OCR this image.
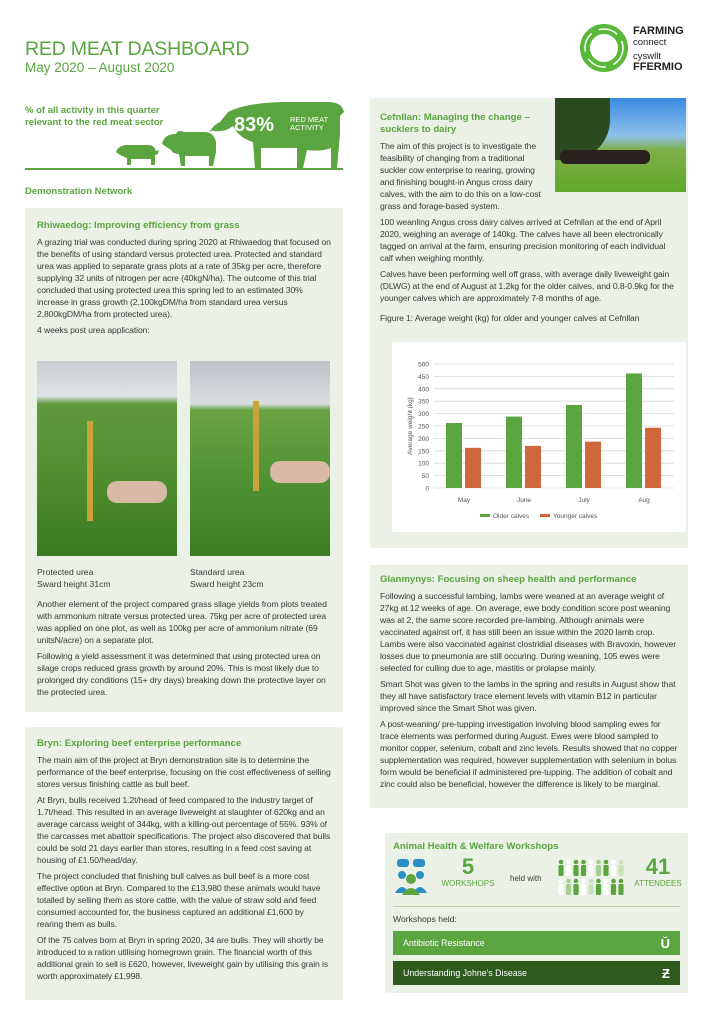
RED MEAT DASHBOARD
May 2020 – August 2020
FARMING
connect
cyswllt
FFERMIO
% of all activity in this quarter relevant to the red meat sector	83% RED MEAT
ACTIVITY
Demonstration Network
Rhiwaedog: Improving efficiency from grass

A grazing trial was conducted during spring 2020 at Rhiwaedog that focused on the benefits of using standard versus protected urea. Protected and standard urea was applied to separate grass plots at a rate of 35kg per acre, therefore supplying 32 units of nitrogen per acre (40kgN/ha). The outcome of this trial concluded that using protected urea this spring led to an estimated 30% increase in grass growth (2,100kgDM/ha from standard urea versus 2,800kgDM/ha from protected urea).

4 weeks post urea application:

Protected urea
Sward height 31cm
Standard urea
Sward height 23cm

Another element of the project compared grass silage yields from plots treated with ammonium nitrate versus protected urea. 75kg per acre of protected urea was applied on one plot, as well as 100kg per acre of ammonium nitrate (69 unitsN/acre) on a separate plot.

Following a yield assessment it was determined that using protected urea on silage crops reduced grass growth by around 20%. This is most likely due to prolonged dry conditions (15+ dry days) breaking down the protective layer on the protected urea.

Bryn: Exploring beef enterprise performance

The main aim of the project at Bryn demonstration site is to determine the performance of the beef enterprise, focusing on the cost effectiveness of selling stores versus finishing cattle as bull beef.

At Bryn, bulls received 1.2t/head of feed compared to the industry target of 1.7t/head. This resulted in an average liveweight at slaughter of 620kg and an average carcass weight of 344kg, with a killing-out percentage of 55%. 93% of the carcasses met abattoir specifications. The project also discovered that bulls could be sold 21 days earlier than stores, resulting in a feed cost saving at housing of £1.50/head/day.

The project concluded that finishing bull calves as bull beef is a more cost effective option at Bryn. Compared to the £13,980 these animals would have totalled by selling them as store cattle, with the value of straw sold and feed consumed accounted for, the business captured an additional £1,600 by rearing them as bulls.

Of the 75 calves born at Bryn in spring 2020, 34 are bulls. They will shortly be introduced to a ration utilising homegrown grain. The financial worth of this additional grain to sell is £620, however, liveweight gain by utilising this grain is worth approximately £1,998.

Cefnllan: Managing the change – sucklers to dairy

The aim of this project is to investigate the feasibility of changing from a traditional suckler cow enterprise to rearing, growing and finishing bought-in Angus cross dairy calves, with the aim to do this on a low-cost grass and forage-based system.

100 weanling Angus cross dairy calves arrived at Cefnllan at the end of April 2020, weighing an average of 140kg. The calves have all been electronically tagged on arrival at the farm, ensuring precision monitoring of each individual calf when weighing monthly.

Calves have been performing well off grass, with average daily liveweight gain (DLWG) at the end of August at 1.2kg for the older calves, and 0.8-0.9kg for the younger calves which are approximately 7-8 months of age.

Figure 1: Average weight (kg) for older and younger calves at Cefnllan

0
50
100
150
200
250
300
350
400
450
500
Average weight (kg)
May	June	July	Aug
Older calves	Younger calves
Glanmynys: Focusing on sheep health and performance

Following a successful lambing, lambs were weaned at an average weight of 27kg at 12 weeks of age. On average, ewe body condition score post weaning was at 2, the same score recorded pre-lambing. Although animals were vaccinated against orf, it has still been an issue within the 2020 lamb crop. Lambs were also vaccinated against clostridial diseases with Bravoxin, however losses due to pneumonia are still occuring. During weaning, 105 ewes were selected for culling due to age, mastitis or prolapse mainly.

Smart Shot was given to the lambs in the spring and results in August show that they all have satisfactory trace element levels with vitamin B12 in particular improved since the Smart Shot was given.

A post-weaning/ pre-tupping investigation involving blood sampling ewes for trace elements was performed during August. Ewes were blood sampled to monitor copper, selenium, cobalt and zinc levels. Results showed that no copper supplementation was required, however supplementation with selenium in bolus form would be beneficial if administered pre-tupping. The addition of cobalt and zinc could also be beneficial, however the difference is likely to be marginal.

Animal Health & Welfare Workshops
5
WORKSHOPS
held with	41
ATTENDEES
Workshops held:
Antibiotic Resistance	Ŭ
Understanding Johne's Disease	Ƶ
